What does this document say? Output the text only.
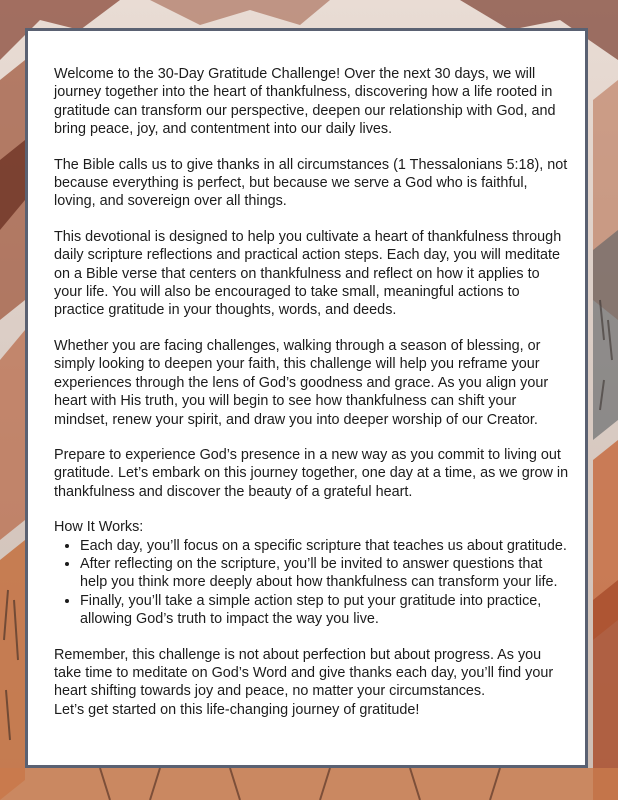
Welcome to the 30-Day Gratitude Challenge! Over the next 30 days, we will journey together into the heart of thankfulness, discovering how a life rooted in gratitude can transform our perspective, deepen our relationship with God, and bring peace, joy, and contentment into our daily lives.

The Bible calls us to give thanks in all circumstances (1 Thessalonians 5:18), not because everything is perfect, but because we serve a God who is faithful, loving, and sovereign over all things.

This devotional is designed to help you cultivate a heart of thankfulness through daily scripture reflections and practical action steps. Each day, you will meditate on a Bible verse that centers on thankfulness and reflect on how it applies to your life. You will also be encouraged to take small, meaningful actions to practice gratitude in your thoughts, words, and deeds.

Whether you are facing challenges, walking through a season of blessing, or simply looking to deepen your faith, this challenge will help you reframe your experiences through the lens of God’s goodness and grace. As you align your heart with His truth, you will begin to see how thankfulness can shift your mindset, renew your spirit, and draw you into deeper worship of our Creator.

Prepare to experience God’s presence in a new way as you commit to living out gratitude. Let’s embark on this journey together, one day at a time, as we grow in thankfulness and discover the beauty of a grateful heart.

How It Works:

• Each day, you’ll focus on a specific scripture that teaches us about gratitude.
• After reflecting on the scripture, you’ll be invited to answer questions that help you think more deeply about how thankfulness can transform your life.
• Finally, you’ll take a simple action step to put your gratitude into practice, allowing God’s truth to impact the way you live.

Remember, this challenge is not about perfection but about progress. As you take time to meditate on God’s Word and give thanks each day, you’ll find your heart shifting towards joy and peace, no matter your circumstances.

Let’s get started on this life-changing journey of gratitude!
